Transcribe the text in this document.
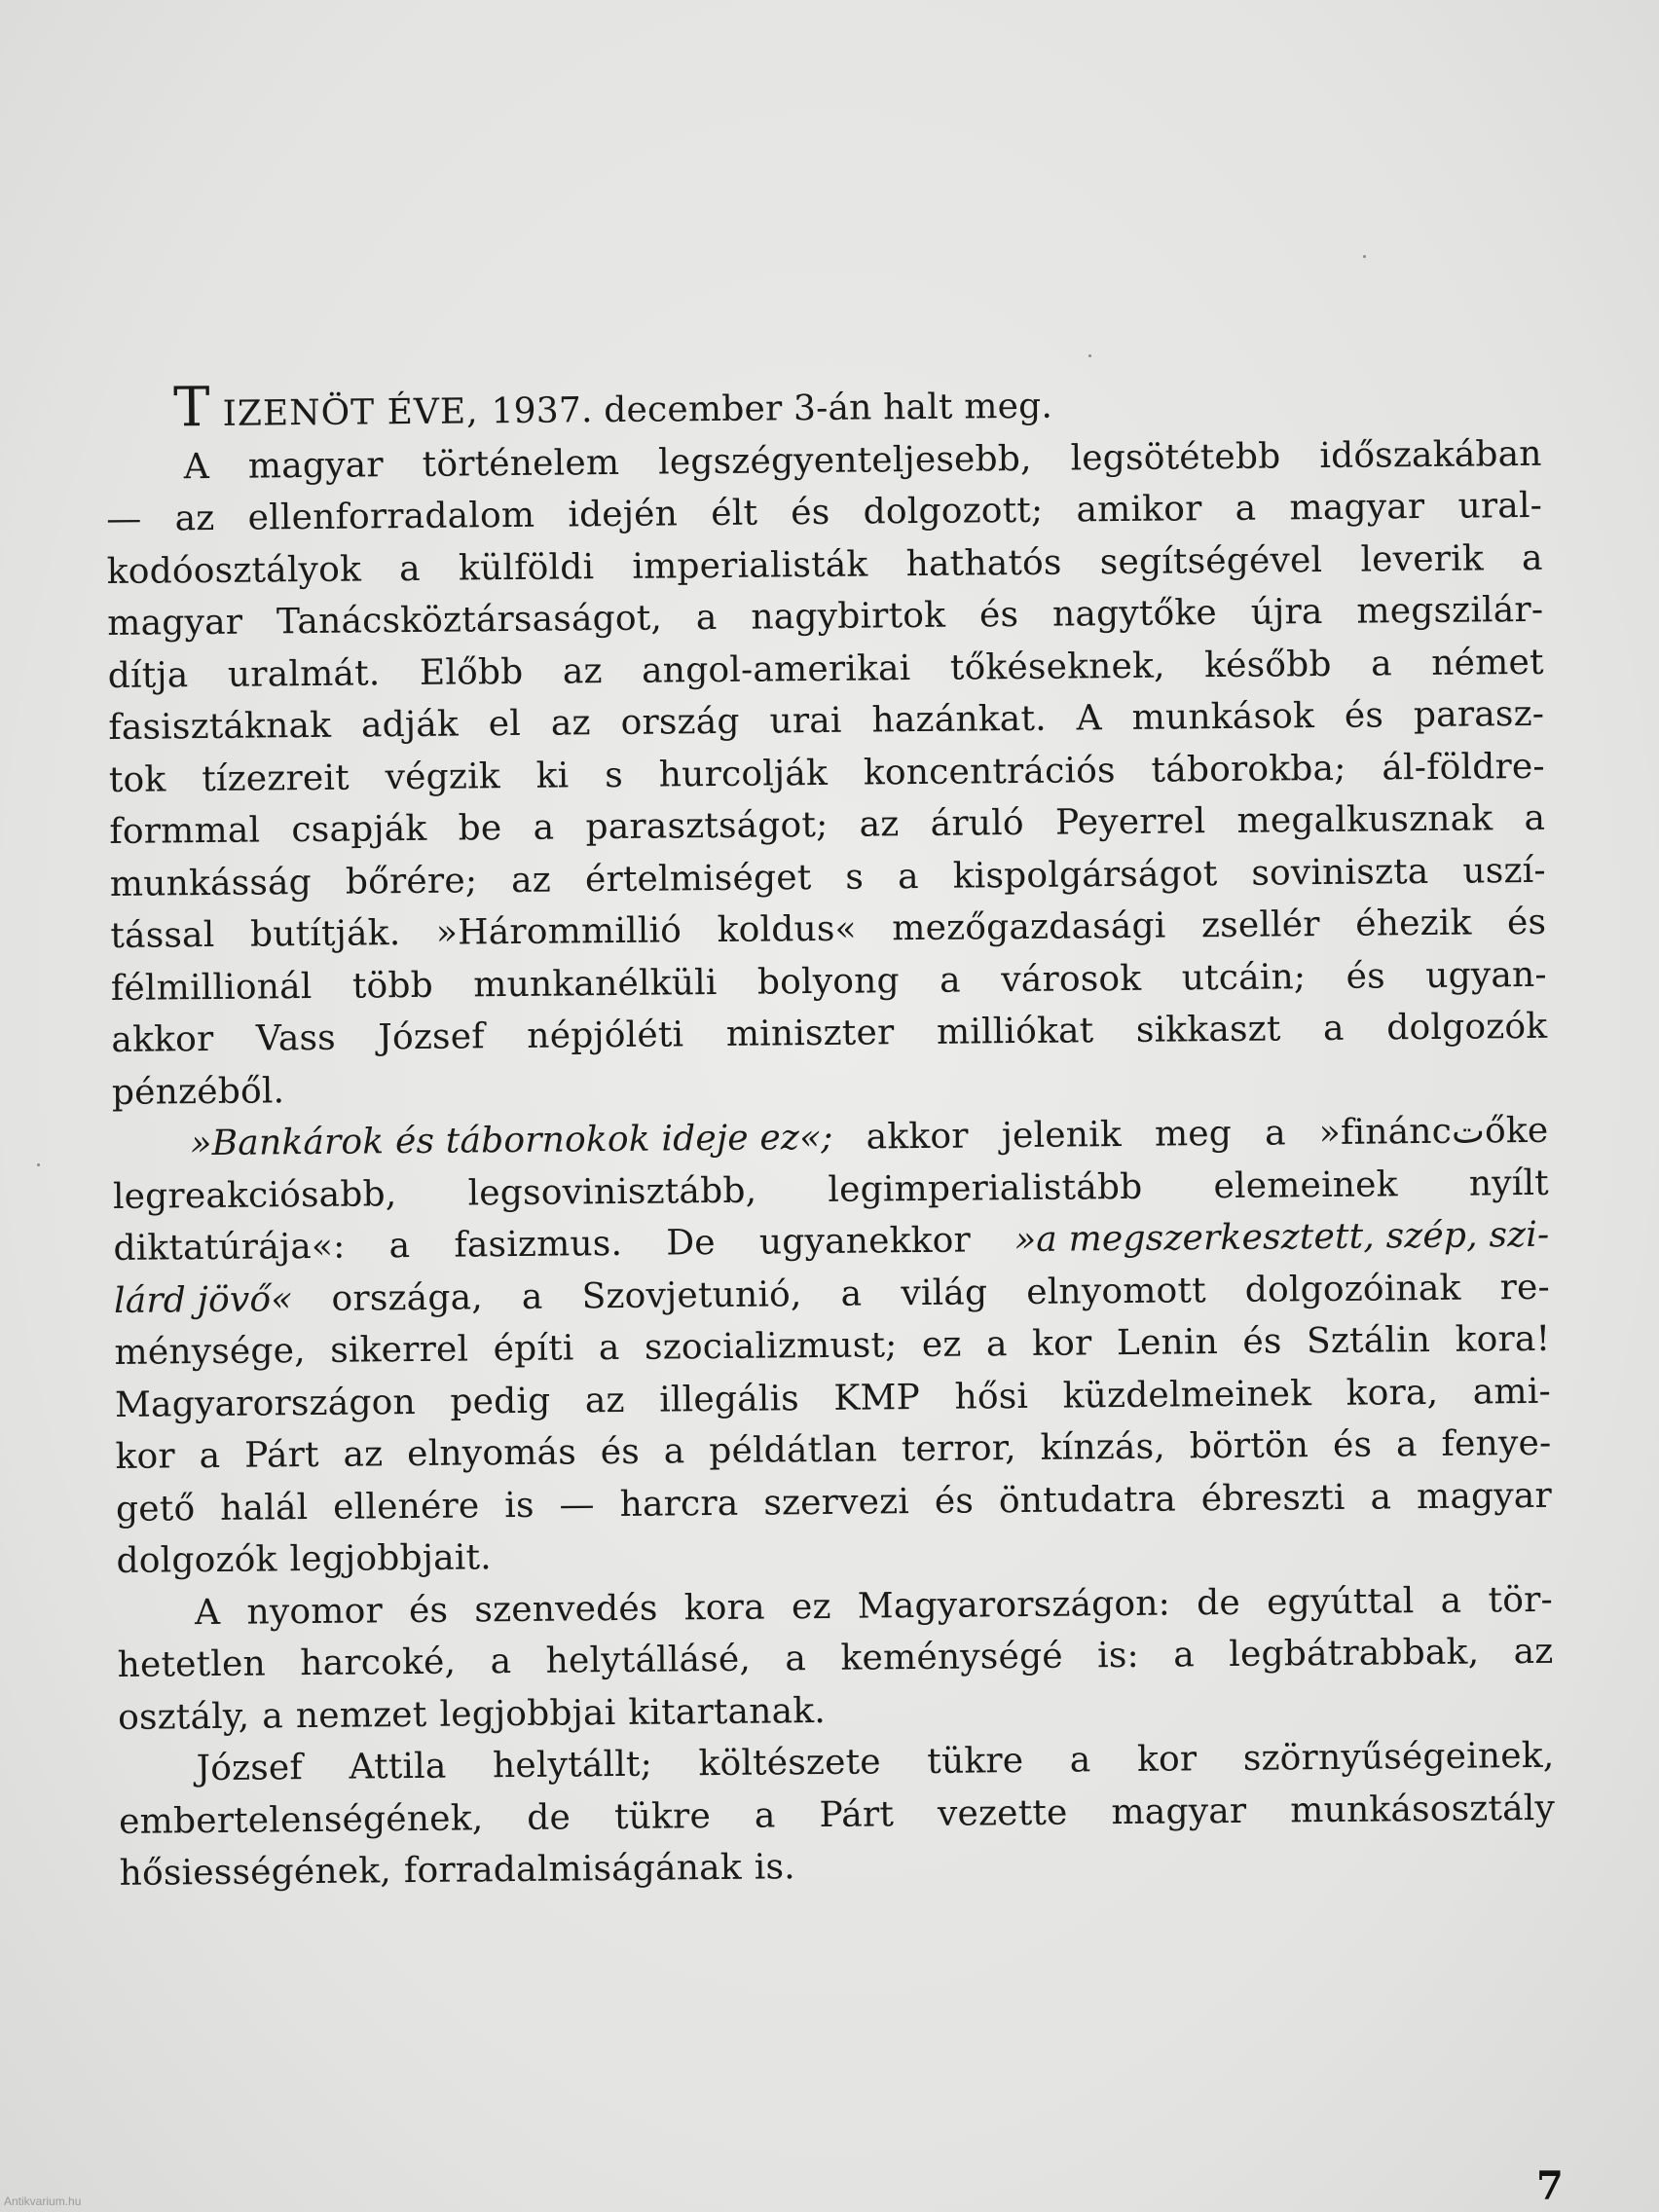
TIZENÖT ÉVE, 1937. december 3-án halt meg.
A magyar történelem legszégyenteljesebb, legsötétebb időszakában
— az ellenforradalom idején élt és dolgozott; amikor a magyar ural-
kodóosztályok a külföldi imperialisták hathatós segítségével leverik a
magyar Tanácsköztársaságot, a nagybirtok és nagytőke újra megszilár-
dítja uralmát. Előbb az angol-amerikai tőkéseknek, később a német
fasisztáknak adják el az ország urai hazánkat. A munkások és parasz-
tok tízezreit végzik ki s hurcolják koncentrációs táborokba; ál-földre-
formmal csapják be a parasztságot; az áruló Peyerrel megalkusznak a
munkásság bőrére; az értelmiséget s a kispolgárságot soviniszta uszí-
tással butítják. »Hárommillió koldus« mezőgazdasági zsellér éhezik és
félmillionál több munkanélküli bolyong a városok utcáin; és ugyan-
akkor Vass József népjóléti miniszter milliókat sikkaszt a dolgozók
pénzéből.
»Bankárok és tábornokok ideje ez«; akkor jelenik meg a »fináncتőke
legreakciósabb, legsovinisztább, legimperialistább elemeinek nyílt
diktatúrája«: a fasizmus. De ugyanekkor »a megszerkesztett, szép, szi-
lárd jövő« országa, a Szovjetunió, a világ elnyomott dolgozóinak re-
ménysége, sikerrel építi a szocializmust; ez a kor Lenin és Sztálin kora!
Magyarországon pedig az illegális KMP hősi küzdelmeinek kora, ami-
kor a Párt az elnyomás és a példátlan terror, kínzás, börtön és a fenye-
gető halál ellenére is — harcra szervezi és öntudatra ébreszti a magyar
dolgozók legjobbjait.
A nyomor és szenvedés kora ez Magyarországon: de egyúttal a tör-
hetetlen harcoké, a helytállásé, a keménységé is: a legbátrabbak, az
osztály, a nemzet legjobbjai kitartanak.
József Attila helytállt; költészete tükre a kor szörnyűségeinek,
embertelenségének, de tükre a Párt vezette magyar munkásosztály
hősiességének, forradalmiságának is.
7
Antikvarium.hu
